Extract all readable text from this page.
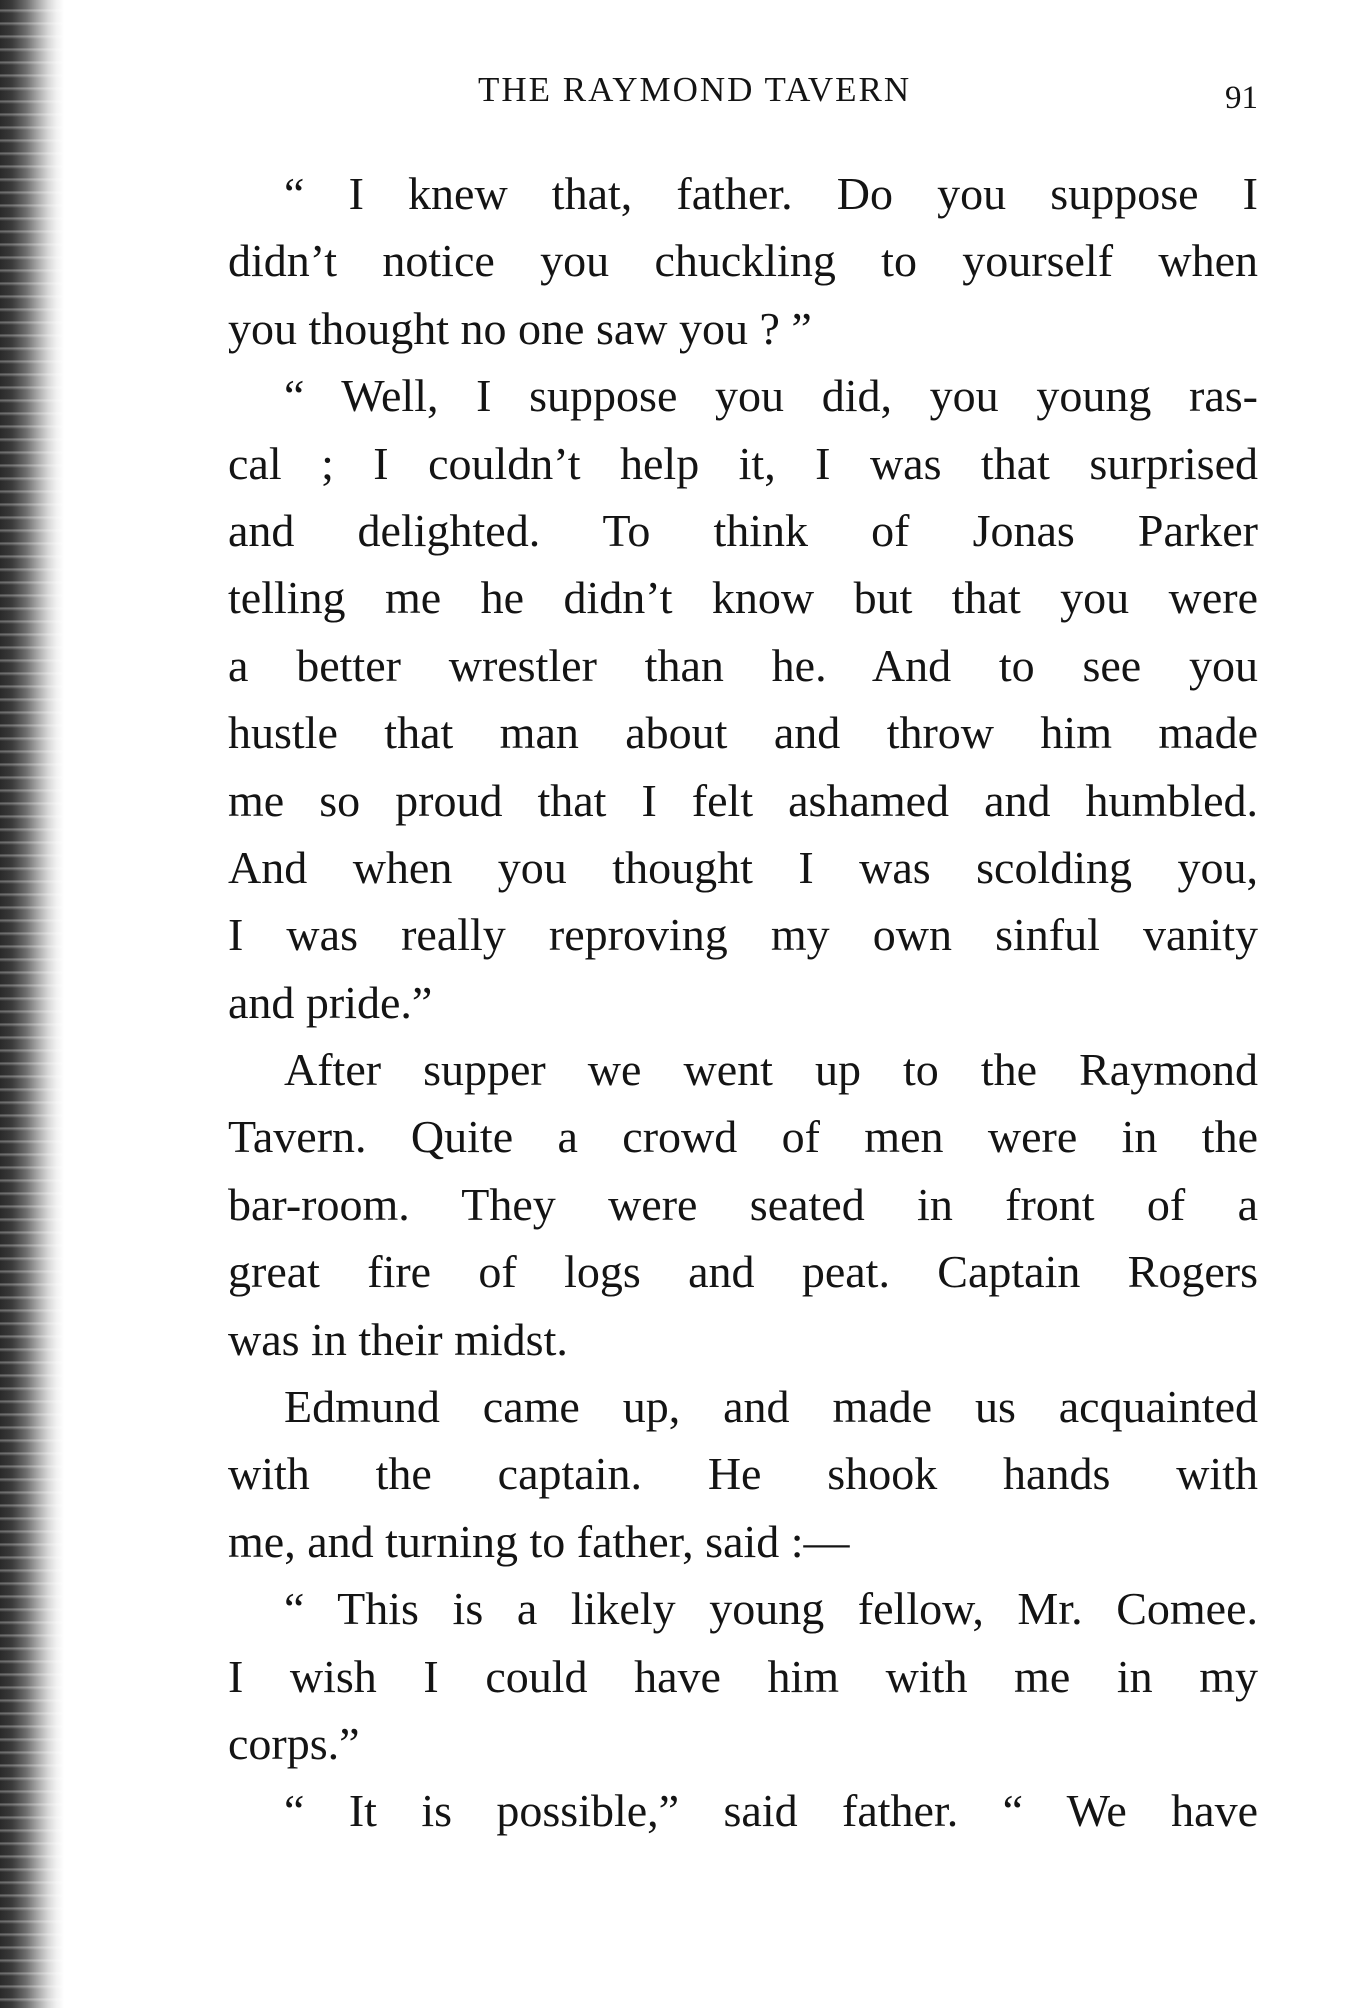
THE RAYMOND TAVERN	91
“ I knew that, father. Do you suppose I
didn’t notice you chuckling to yourself when
you thought no one saw you ? ”
“ Well, I suppose you did, you young ras-
cal ; I couldn’t help it, I was that surprised
and delighted. To think of Jonas Parker
telling me he didn’t know but that you were
a better wrestler than he. And to see you
hustle that man about and throw him made
me so proud that I felt ashamed and humbled.
And when you thought I was scolding you,
I was really reproving my own sinful vanity
and pride.”
After supper we went up to the Raymond
Tavern. Quite a crowd of men were in the
bar-room. They were seated in front of a
great fire of logs and peat. Captain Rogers
was in their midst.
Edmund came up, and made us acquainted
with the captain. He shook hands with
me, and turning to father, said :—
“ This is a likely young fellow, Mr. Comee.
I wish I could have him with me in my
corps.”
“ It is possible,” said father. “ We have
